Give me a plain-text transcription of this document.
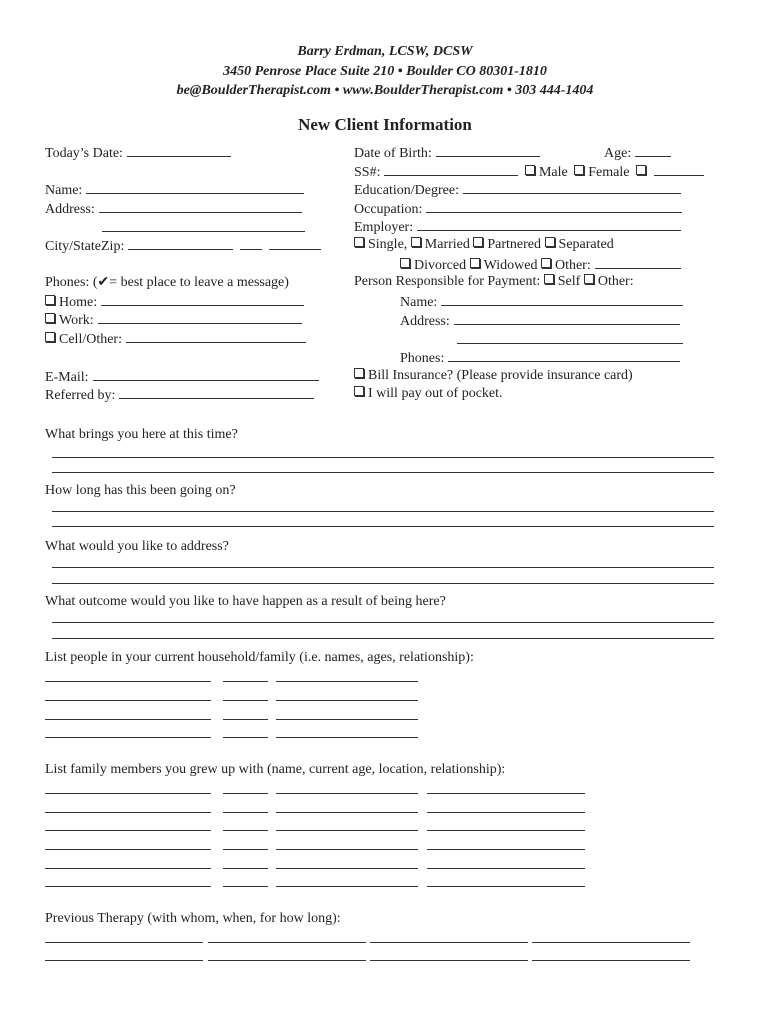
Barry Erdman, LCSW, DCSW
3450 Penrose Place Suite 210 • Boulder CO 80301-1810
be@BoulderTherapist.com • www.BoulderTherapist.com • 303 444-1404
New Client Information
Today’s Date:
Name:
Address:
City/StateZip:
Phones: (✔= best place to leave a message)
Home:
Work:
Cell/Other:
E-Mail:
Referred by:
Date of Birth:	Age:
SS#:	Male Female
Education/Degree:
Occupation:
Employer:
Single, Married Partnered Separated
Divorced Widowed Other:
Person Responsible for Payment: Self Other:
Name:
Address:
Phones:
Bill Insurance? (Please provide insurance card)
I will pay out of pocket.
What brings you here at this time?
How long has this been going on?
What would you like to address?
What outcome would you like to have happen as a result of being here?
List people in your current household/family (i.e. names, ages, relationship):
List family members you grew up with (name, current age, location, relationship):
Previous Therapy (with whom, when, for how long):
